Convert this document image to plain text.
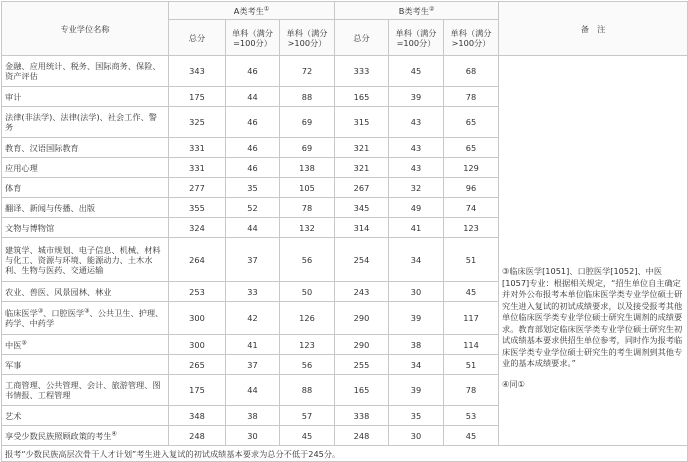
专业学位名称	A类考生①			B类考生②			备　注
	总分	单科（满分=100分）	单科（满分>100分）	总分	单科（满分=100分）	单科（满分>100分）	
金融、应用统计、税务、国际商务、保险、资产评估	343	46	72	333	45	68	③临床医学[1051]、口腔医学[1052]、中医[1057]专业：根据相关规定，“招生单位自主确定并对外公布报考本单位临床医学类专业学位硕士研究生进入复试的初试成绩要求，以及接受报考其他单位临床医学类专业学位硕士研究生调剂的成绩要求。教育部划定临床医学类专业学位硕士研究生初试成绩基本要求供招生单位参考，同时作为报考临床医学类专业学位硕士研究生的考生调剂到其他专业的基本成绩要求。”
④同①

审计	175	44	88	165	39	78	
法律(非法学)、法律(法学)、社会工作、警务	325	46	69	315	43	65	
教育、汉语国际教育	331	46	69	321	43	65	
应用心理	331	46	138	321	43	129	
体育	277	35	105	267	32	96	
翻译、新闻与传播、出版	355	52	78	345	49	74	
文物与博物馆	324	44	132	314	41	123	
建筑学、城市规划、电子信息、机械、材料与化工、资源与环境、能源动力、土木水利、生物与医药、交通运输	264	37	56	254	34	51	
农业、兽医、风景园林、林业	253	33	50	243	30	45	
临床医学③、口腔医学③、公共卫生、护理、药学、中药学	300	42	126	290	39	117	
中医③	300	41	123	290	38	114	
军事	265	37	56	255	34	51	
工商管理、公共管理、会计、旅游管理、图书情报、工程管理	175	44	88	165	39	78	
艺术	348	38	57	338	35	53	
享受少数民族照顾政策的考生④	248	30	45	248	30	45	
报考“少数民族高层次骨干人才计划”考生进入复试的初试成绩基本要求为总分不低于245分。							
